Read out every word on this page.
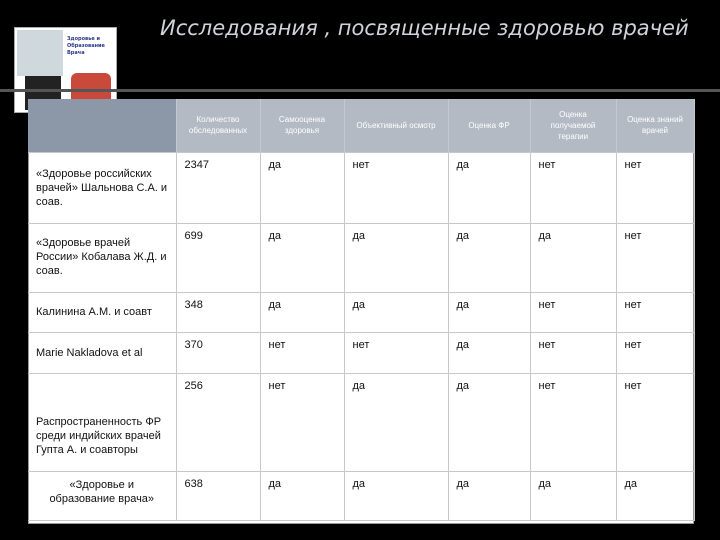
Исследования , посвященные здоровью врачей
Здоровье и Образование Врача
	Количество обследованных	Самооценка здоровья	Объективный осмотр	Оценка ФР	Оценка получаемой терапии	Оценка знаний врачей
«Здоровье российских врачей» Шальнова С.А. и соав.	2347	да	нет	да	нет	нет
«Здоровье врачей России» Кобалава Ж.Д. и соав.	699	да	да	да	да	нет
Калинина А.М. и соавт	348	да	да	да	нет	нет
Marie Nakladova et al	370	нет	нет	да	нет	нет
Распространенность ФР среди индийских врачей Гупта А. и соавторы	256	нет	да	да	нет	нет
«Здоровье и образование врача»	638	да	да	да	да	да
